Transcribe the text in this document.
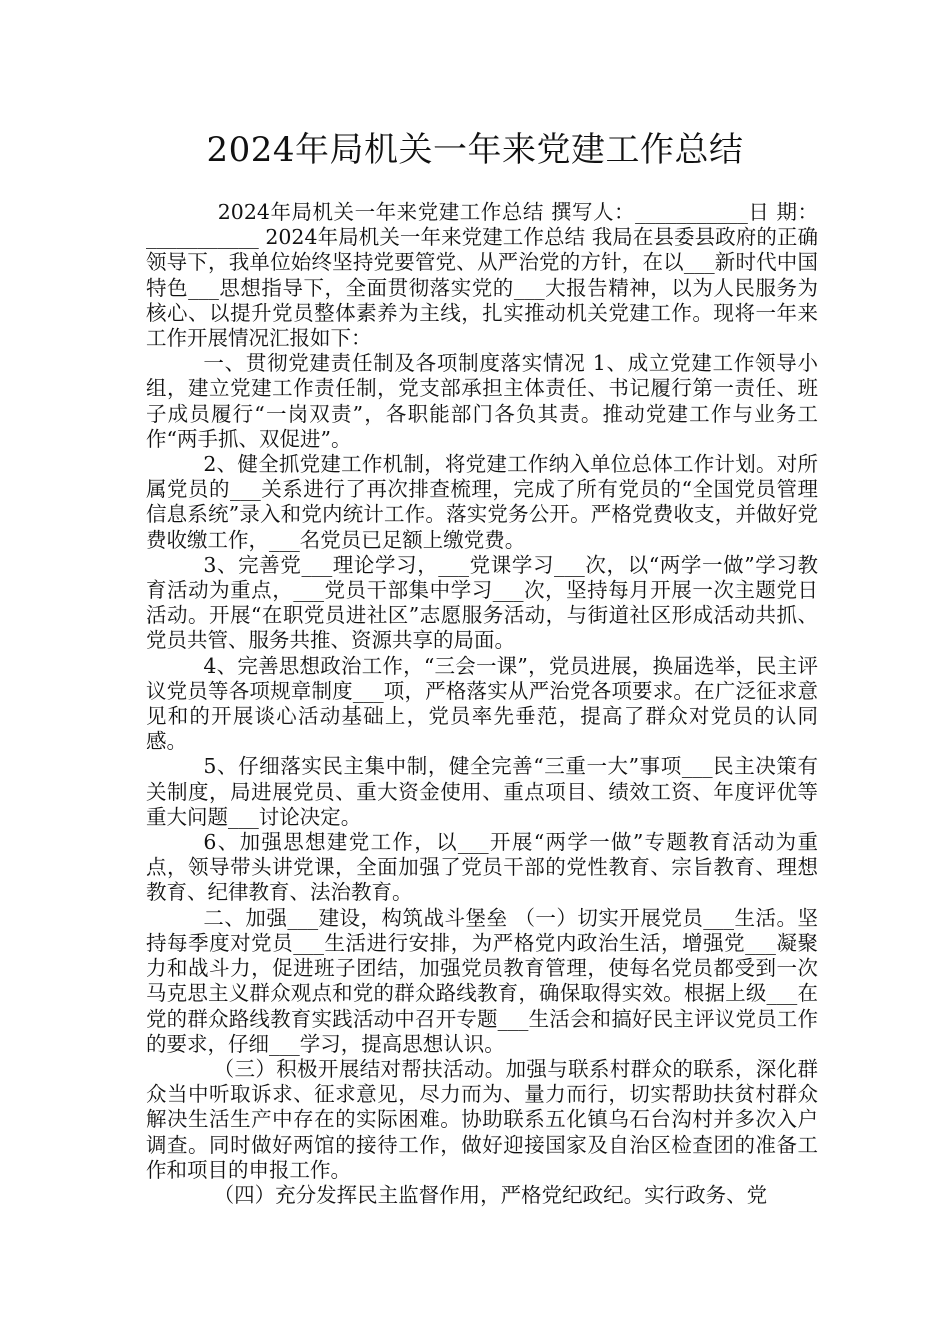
2024年局机关一年来党建工作总结

2024年局机关一年来党建工作总结 撰写人：___________日 期：___________ 2024年局机关一年来党建工作总结 我局在县委县政府的正确领导下，我单位始终坚持党要管党、从严治党的方针，在以___新时代中国特色___思想指导下，全面贯彻落实党的___大报告精神，以为人民服务为核心、以提升党员整体素养为主线，扎实推动机关党建工作。现将一年来工作开展情况汇报如下：

一、贯彻党建责任制及各项制度落实情况 1、成立党建工作领导小组，建立党建工作责任制，党支部承担主体责任、书记履行第一责任、班子成员履行“一岗双责”，各职能部门各负其责。推动党建工作与业务工作“两手抓、双促进”。

2、健全抓党建工作机制，将党建工作纳入单位总体工作计划。对所属党员的___关系进行了再次排查梳理，完成了所有党员的“全国党员管理信息系统”录入和党内统计工作。落实党务公开。严格党费收支，并做好党费收缴工作，___名党员已足额上缴党费。

3、完善党___理论学习，___党课学习___次，以“两学一做”学习教育活动为重点，___党员干部集中学习___次，坚持每月开展一次主题党日活动。开展“在职党员进社区”志愿服务活动，与街道社区形成活动共抓、党员共管、服务共推、资源共享的局面。

4、完善思想政治工作，“三会一课”，党员进展，换届选举，民主评议党员等各项规章制度___项，严格落实从严治党各项要求。在广泛征求意见和的开展谈心活动基础上，党员率先垂范，提高了群众对党员的认同感。

5、仔细落实民主集中制，健全完善“三重一大”事项___民主决策有关制度，局进展党员、重大资金使用、重点项目、绩效工资、年度评优等重大问题___讨论决定。

6、加强思想建党工作，以___开展“两学一做”专题教育活动为重点，领导带头讲党课，全面加强了党员干部的党性教育、宗旨教育、理想教育、纪律教育、法治教育。

二、加强___建设，构筑战斗堡垒 （一）切实开展党员___生活。坚持每季度对党员___生活进行安排，为严格党内政治生活，增强党___凝聚力和战斗力，促进班子团结，加强党员教育管理，使每名党员都受到一次马克思主义群众观点和党的群众路线教育，确保取得实效。根据上级___在党的群众路线教育实践活动中召开专题___生活会和搞好民主评议党员工作的要求，仔细___学习，提高思想认识。

（三）积极开展结对帮扶活动。加强与联系村群众的联系，深化群众当中听取诉求、征求意见，尽力而为、量力而行，切实帮助扶贫村群众解决生活生产中存在的实际困难。协助联系五化镇乌石台沟村并多次入户调查。同时做好两馆的接待工作，做好迎接国家及自治区检查团的准备工作和项目的申报工作。

（四）充分发挥民主监督作用，严格党纪政纪。实行政务、党
